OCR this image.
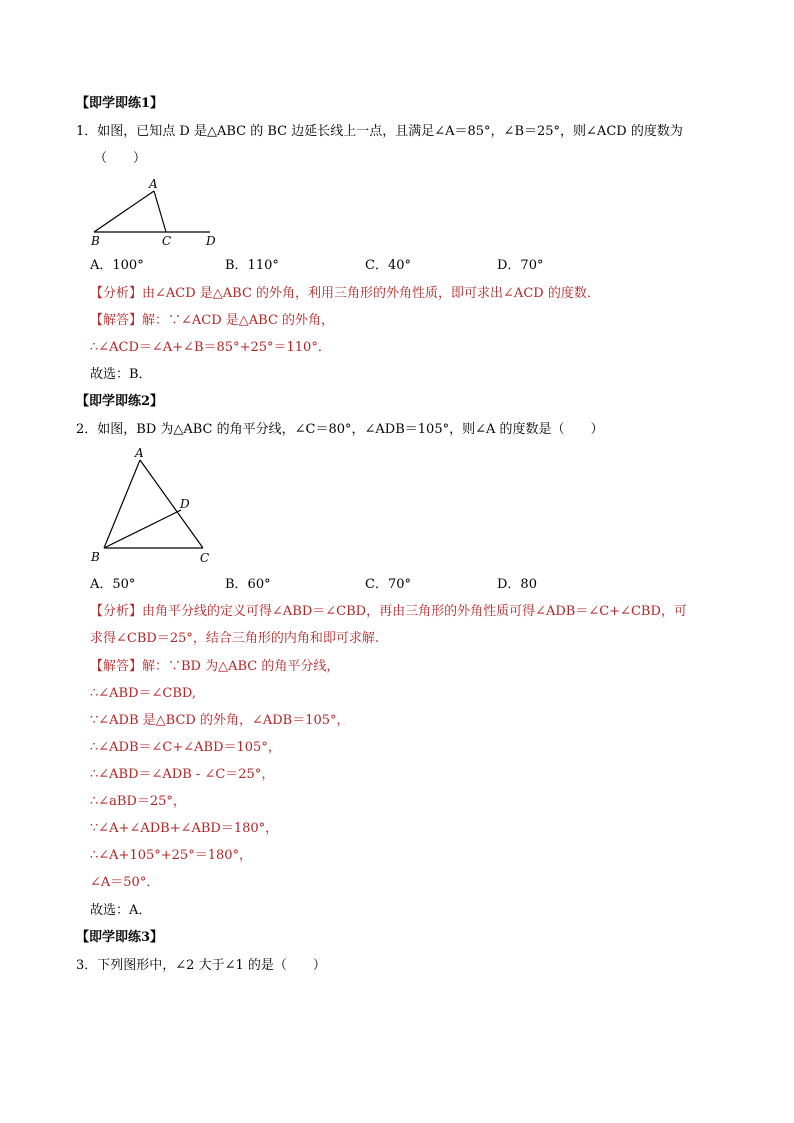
【即学即练1】
1．如图，已知点 D 是△ABC 的 BC 边延长线上一点，且满足∠A＝85°，∠B＝25°，则∠ACD 的度数为
（　　）
A
B	C	D
A．100°	B．110°	C．40°	D．70°
【分析】由∠ACD 是△ABC 的外角，利用三角形的外角性质，即可求出∠ACD 的度数．
【解答】解：∵∠ACD 是△ABC 的外角，
∴∠ACD＝∠A+∠B＝85°+25°＝110°．
故选：B．
【即学即练2】
2．如图，BD 为△ABC 的角平分线，∠C＝80°，∠ADB＝105°，则∠A 的度数是（　　）
A
B	C
D
A．50°	B．60°	C．70°	D．80
【分析】由角平分线的定义可得∠ABD＝∠CBD，再由三角形的外角性质可得∠ADB＝∠C+∠CBD，可
求得∠CBD＝25°，结合三角形的内角和即可求解.
【解答】解：∵BD 为△ABC 的角平分线，
∴∠ABD＝∠CBD,
∵∠ADB 是△BCD 的外角，∠ADB＝105°，
∴∠ADB＝∠C+∠ABD＝105°，
∴∠ABD＝∠ADB - ∠C＝25°，
∴∠aBD＝25°，
∵∠A+∠ADB+∠ABD＝180°，
∴∠A+105°+25°＝180°，
∠A＝50°．
故选：A．
【即学即练3】
3．下列图形中，∠2 大于∠1 的是（　　）
